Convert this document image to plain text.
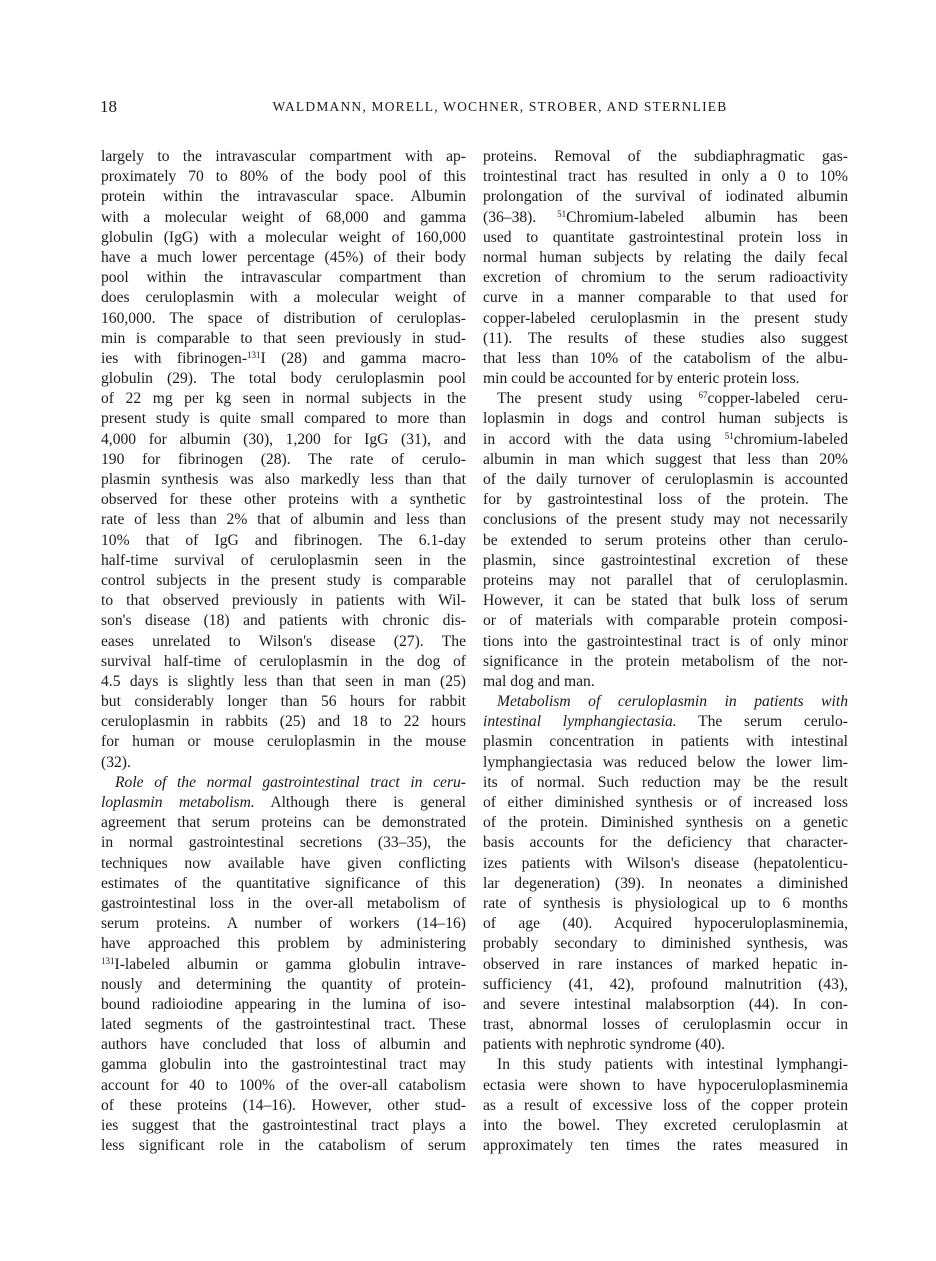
18	WALDMANN, MORELL, WOCHNER, STROBER, AND STERNLIEB
largely to the intravascular compartment with ap-
proximately 70 to 80% of the body pool of this
protein within the intravascular space. Albumin
with a molecular weight of 68,000 and gamma
globulin (IgG) with a molecular weight of 160,000
have a much lower percentage (45%) of their body
pool within the intravascular compartment than
does ceruloplasmin with a molecular weight of
160,000. The space of distribution of ceruloplas-
min is comparable to that seen previously in stud-
ies with fibrinogen-$^{131}$I (28) and gamma macro-
globulin (29). The total body ceruloplasmin pool
of 22 mg per kg seen in normal subjects in the
present study is quite small compared to more than
4,000 for albumin (30), 1,200 for IgG (31), and
190 for fibrinogen (28). The rate of cerulo-
plasmin synthesis was also markedly less than that
observed for these other proteins with a synthetic
rate of less than 2% that of albumin and less than
10% that of IgG and fibrinogen. The 6.1-day
half-time survival of ceruloplasmin seen in the
control subjects in the present study is comparable
to that observed previously in patients with Wil-
son's disease (18) and patients with chronic dis-
eases unrelated to Wilson's disease (27). The
survival half-time of ceruloplasmin in the dog of
4.5 days is slightly less than that seen in man (25)
but considerably longer than 56 hours for rabbit
ceruloplasmin in rabbits (25) and 18 to 22 hours
for human or mouse ceruloplasmin in the mouse
(32).
Role of the normal gastrointestinal tract in ceru-
loplasmin metabolism. Although there is general
agreement that serum proteins can be demonstrated
in normal gastrointestinal secretions (33–35), the
techniques now available have given conflicting
estimates of the quantitative significance of this
gastrointestinal loss in the over-all metabolism of
serum proteins. A number of workers (14–16)
have approached this problem by administering
$^{131}$I-labeled albumin or gamma globulin intrave-
nously and determining the quantity of protein-
bound radioiodine appearing in the lumina of iso-
lated segments of the gastrointestinal tract. These
authors have concluded that loss of albumin and
gamma globulin into the gastrointestinal tract may
account for 40 to 100% of the over-all catabolism
of these proteins (14–16). However, other stud-
ies suggest that the gastrointestinal tract plays a
less significant role in the catabolism of serum
proteins. Removal of the subdiaphragmatic gas-
trointestinal tract has resulted in only a 0 to 10%
prolongation of the survival of iodinated albumin
(36–38). $^{51}$Chromium-labeled albumin has been
used to quantitate gastrointestinal protein loss in
normal human subjects by relating the daily fecal
excretion of chromium to the serum radioactivity
curve in a manner comparable to that used for
copper-labeled ceruloplasmin in the present study
(11). The results of these studies also suggest
that less than 10% of the catabolism of the albu-
min could be accounted for by enteric protein loss.
The present study using $^{67}$copper-labeled ceru-
loplasmin in dogs and control human subjects is
in accord with the data using $^{51}$chromium-labeled
albumin in man which suggest that less than 20%
of the daily turnover of ceruloplasmin is accounted
for by gastrointestinal loss of the protein. The
conclusions of the present study may not necessarily
be extended to serum proteins other than cerulo-
plasmin, since gastrointestinal excretion of these
proteins may not parallel that of ceruloplasmin.
However, it can be stated that bulk loss of serum
or of materials with comparable protein composi-
tions into the gastrointestinal tract is of only minor
significance in the protein metabolism of the nor-
mal dog and man.
Metabolism of ceruloplasmin in patients with
intestinal lymphangiectasia. The serum cerulo-
plasmin concentration in patients with intestinal
lymphangiectasia was reduced below the lower lim-
its of normal. Such reduction may be the result
of either diminished synthesis or of increased loss
of the protein. Diminished synthesis on a genetic
basis accounts for the deficiency that character-
izes patients with Wilson's disease (hepatolenticu-
lar degeneration) (39). In neonates a diminished
rate of synthesis is physiological up to 6 months
of age (40). Acquired hypoceruloplasminemia,
probably secondary to diminished synthesis, was
observed in rare instances of marked hepatic in-
sufficiency (41, 42), profound malnutrition (43),
and severe intestinal malabsorption (44). In con-
trast, abnormal losses of ceruloplasmin occur in
patients with nephrotic syndrome (40).
In this study patients with intestinal lymphangi-
ectasia were shown to have hypoceruloplasminemia
as a result of excessive loss of the copper protein
into the bowel. They excreted ceruloplasmin at
approximately ten times the rates measured in
